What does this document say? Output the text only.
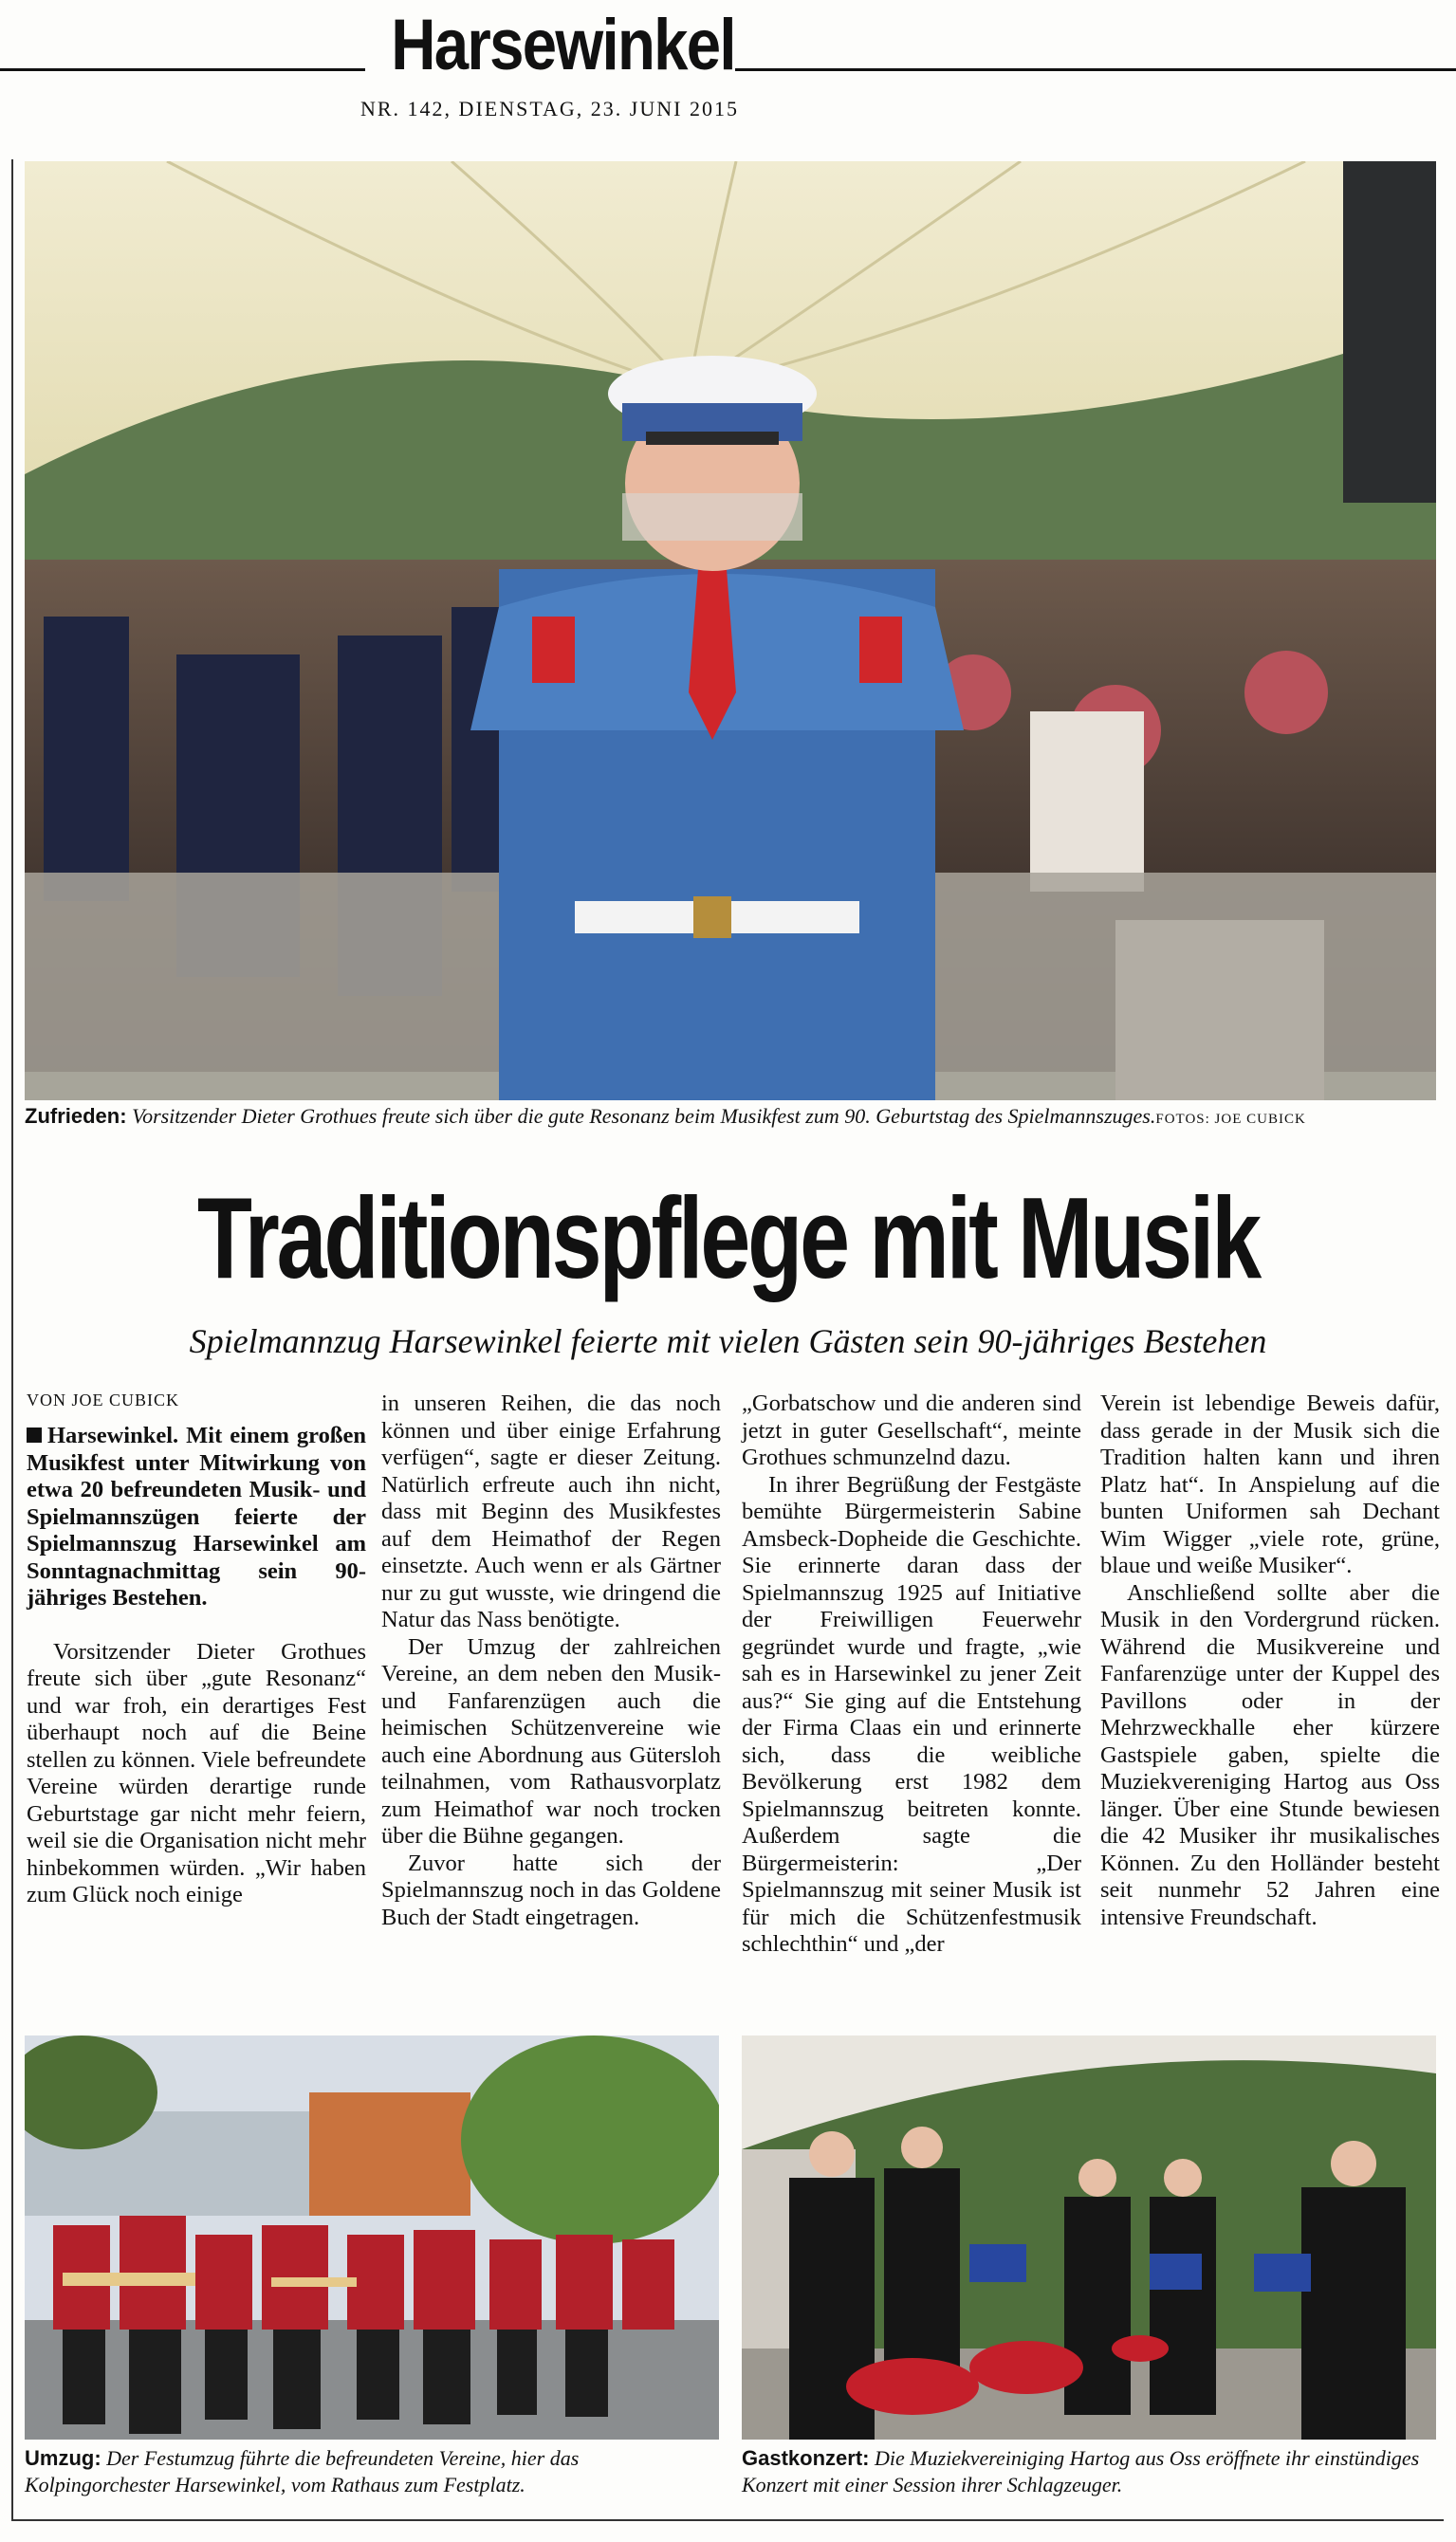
Harsewinkel
NR. 142, DIENSTAG, 23. JUNI 2015
Zufrieden: Vorsitzender Dieter Grothues freute sich über die gute Resonanz beim Musikfest zum 90. Geburtstag des Spielmannszuges.FOTOS: JOE CUBICK
Traditionspflege mit Musik
Spielmannzug Harsewinkel feierte mit vielen Gästen sein 90-jähriges Bestehen
VON JOE CUBICK

Harsewinkel. Mit einem großen Musikfest unter Mitwirkung von etwa 20 befreundeten Musik- und Spielmannszügen feierte der Spielmannszug Harsewinkel am Sonntagnachmittag sein 90-jähriges Bestehen.

Vorsitzender Dieter Grothues freute sich über „gute Resonanz“ und war froh, ein derartiges Fest überhaupt noch auf die Beine stellen zu können. Viele befreundete Vereine würden derartige runde Geburtstage gar nicht mehr feiern, weil sie die Organisation nicht mehr hinbekommen würden. „Wir haben zum Glück noch einige

in unseren Reihen, die das noch können und über einige Erfahrung verfügen“, sagte er dieser Zeitung. Natürlich erfreute auch ihn nicht, dass mit Beginn des Musikfestes auf dem Heimathof der Regen einsetzte. Auch wenn er als Gärtner nur zu gut wusste, wie dringend die Natur das Nass benötigte.

Der Umzug der zahlreichen Vereine, an dem neben den Musik- und Fanfarenzügen auch die heimischen Schützenvereine wie auch eine Abordnung aus Gütersloh teilnahmen, vom Rathausvorplatz zum Heimathof war noch trocken über die Bühne gegangen.

Zuvor hatte sich der Spielmannszug noch in das Goldene Buch der Stadt eingetragen.

„Gorbatschow und die anderen sind jetzt in guter Gesellschaft“, meinte Grothues schmunzelnd dazu.

In ihrer Begrüßung der Festgäste bemühte Bürgermeisterin Sabine Amsbeck-Dopheide die Geschichte. Sie erinnerte daran dass der Spielmannszug 1925 auf Initiative der Freiwilligen Feuerwehr gegründet wurde und fragte, „wie sah es in Harsewinkel zu jener Zeit aus?“ Sie ging auf die Entstehung der Firma Claas ein und erinnerte sich, dass die weibliche Bevölkerung erst 1982 dem Spielmannszug beitreten konnte. Außerdem sagte die Bürgermeisterin: „Der Spielmannszug mit seiner Musik ist für mich die Schützenfestmusik schlechthin“ und „der

Verein ist lebendige Beweis dafür, dass gerade in der Musik sich die Tradition halten kann und ihren Platz hat“. In Anspielung auf die bunten Uniformen sah Dechant Wim Wigger „viele rote, grüne, blaue und weiße Musiker“.

Anschließend sollte aber die Musik in den Vordergrund rücken. Während die Musikvereine und Fanfarenzüge unter der Kuppel des Pavillons oder in der Mehrzweckhalle eher kürzere Gastspiele gaben, spielte die Muziekvereniging Hartog aus Oss länger. Über eine Stunde bewiesen die 42 Musiker ihr musikalisches Können. Zu den Holländer besteht seit nunmehr 52 Jahren eine intensive Freundschaft.

Umzug: Der Festumzug führte die befreundeten Vereine, hier das Kolpingorchester Harsewinkel, vom Rathaus zum Festplatz.
Gastkonzert: Die Muziekvereiniging Hartog aus Oss eröffnete ihr einstündiges Konzert mit einer Session ihrer Schlagzeuger.
